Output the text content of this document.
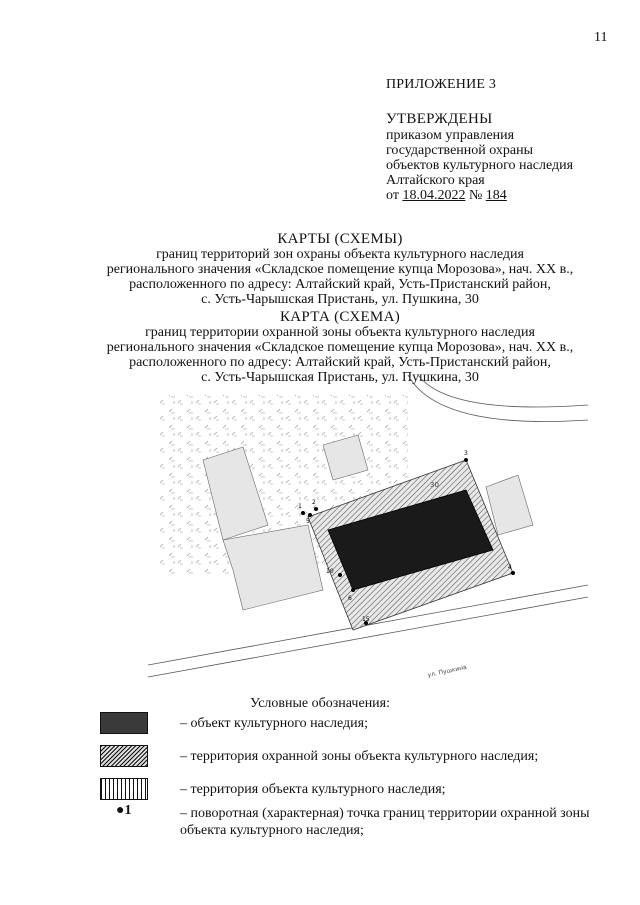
11
ПРИЛОЖЕНИЕ 3
УТВЕРЖДЕНЫ
приказом управления
государственной охраны
объектов культурного наследия
Алтайского края
от 18.04.2022 № 184
КАРТЫ (СХЕМЫ)
границ территорий зон охраны объекта культурного наследия
регионального значения «Складское помещение купца Морозова», нач. XX в.,
расположенного по адресу: Алтайский край, Усть-Пристанский район,
с. Усть-Чарышская Пристань, ул. Пушкина, 30
КАРТА (СХЕМА)
границ территории охранной зоны объекта культурного наследия
регионального значения «Складское помещение купца Морозова», нач. XX в.,
расположенного по адресу: Алтайский край, Усть-Пристанский район,
с. Усть-Чарышская Пристань, ул. Пушкина, 30
1
2
3
4
5
6
10
15
30
ул. Пушкина
Условные обозначения:
– объект культурного наследия;
– территория охранной зоны объекта культурного наследия;
– территория объекта культурного наследия;
●1	– поворотная (характерная) точка границ территории охранной зоны объекта культурного наследия;
